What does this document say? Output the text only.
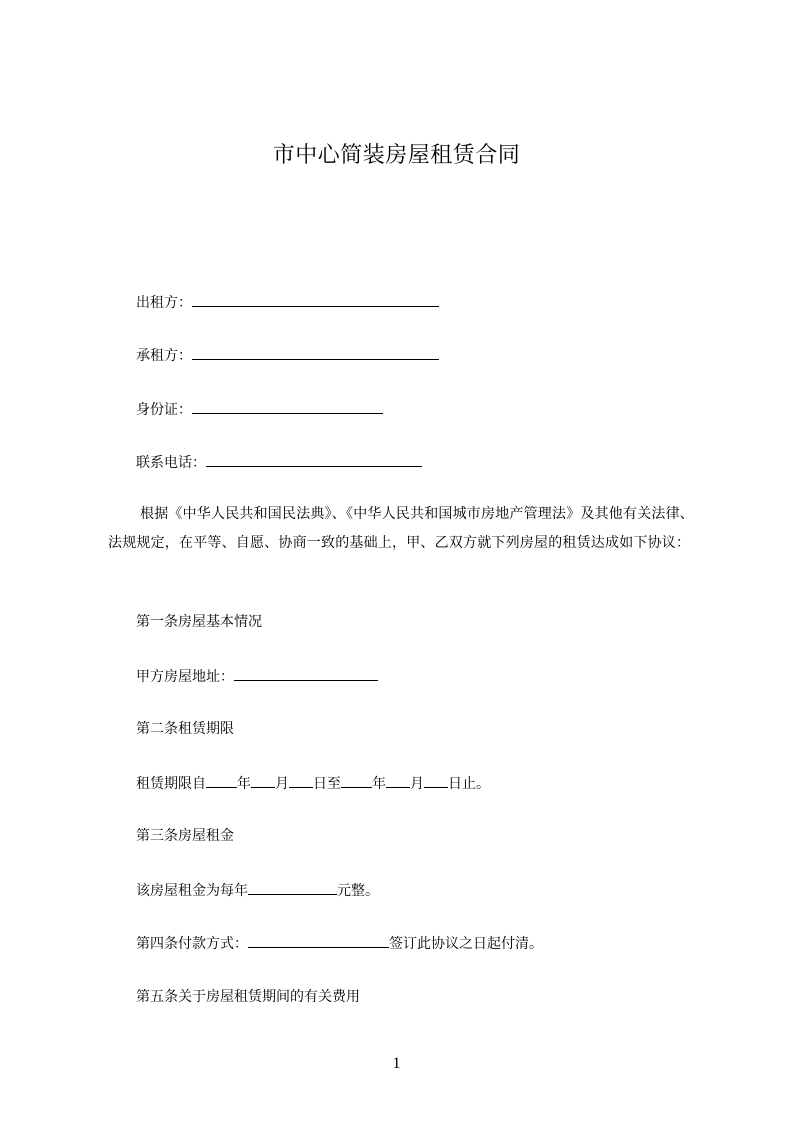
市中心简装房屋租赁合同
出租方：
承租方：
身份证：
联系电话：
根据《中华人民共和国民法典》、《中华人民共和国城市房地产管理法》及其他有关法律、法规规定，在平等、自愿、协商一致的基础上，甲、乙双方就下列房屋的租赁达成如下协议：
第一条房屋基本情况
甲方房屋地址：
第二条租赁期限
租赁期限自 年 月 日至 年 月 日止。
第三条房屋租金
该房屋租金为每年	元整。
第四条付款方式：	签订此协议之日起付清。
第五条关于房屋租赁期间的有关费用
1
